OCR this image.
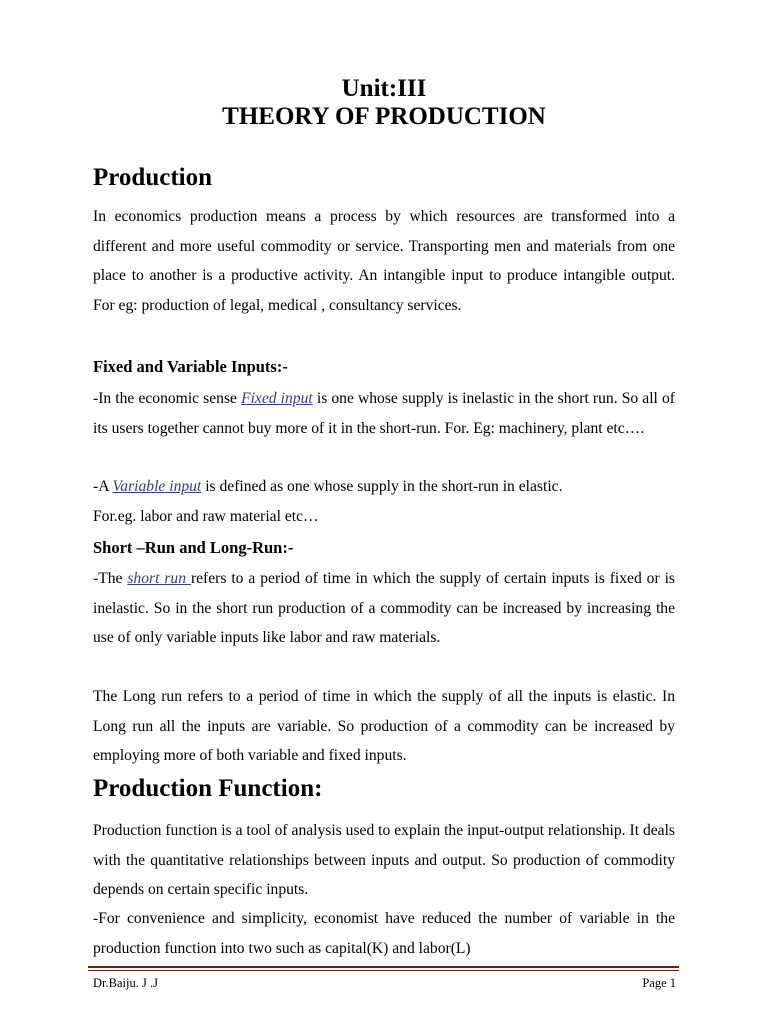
Unit:III
THEORY OF PRODUCTION
Production

In economics production means a process by which resources are transformed into a different and more useful commodity or service. Transporting men and materials from one place to another is a productive activity. An intangible input to produce intangible output. For eg: production of legal, medical , consultancy services.

Fixed and Variable Inputs:-

-In the economic sense Fixed input is one whose supply is inelastic in the short run. So all of its users together cannot buy more of it in the short-run. For. Eg: machinery, plant etc….

-A Variable input is defined as one whose supply in the short-run in elastic.

For.eg. labor and raw material etc…

Short –Run and Long-Run:-

-The short run refers to a period of time in which the supply of certain inputs is fixed or is inelastic. So in the short run production of a commodity can be increased by increasing the use of only variable inputs like labor and raw materials.

The Long run refers to a period of time in which the supply of all the inputs is elastic. In Long run all the inputs are variable. So production of a commodity can be increased by employing more of both variable and fixed inputs.

Production Function:

Production function is a tool of analysis used to explain the input-output relationship. It deals with the quantitative relationships between inputs and output. So production of commodity depends on certain specific inputs.

-For convenience and simplicity, economist have reduced the number of variable in the production function into two such as capital(K) and labor(L)

Dr.Baiju. J .J	Page 1
